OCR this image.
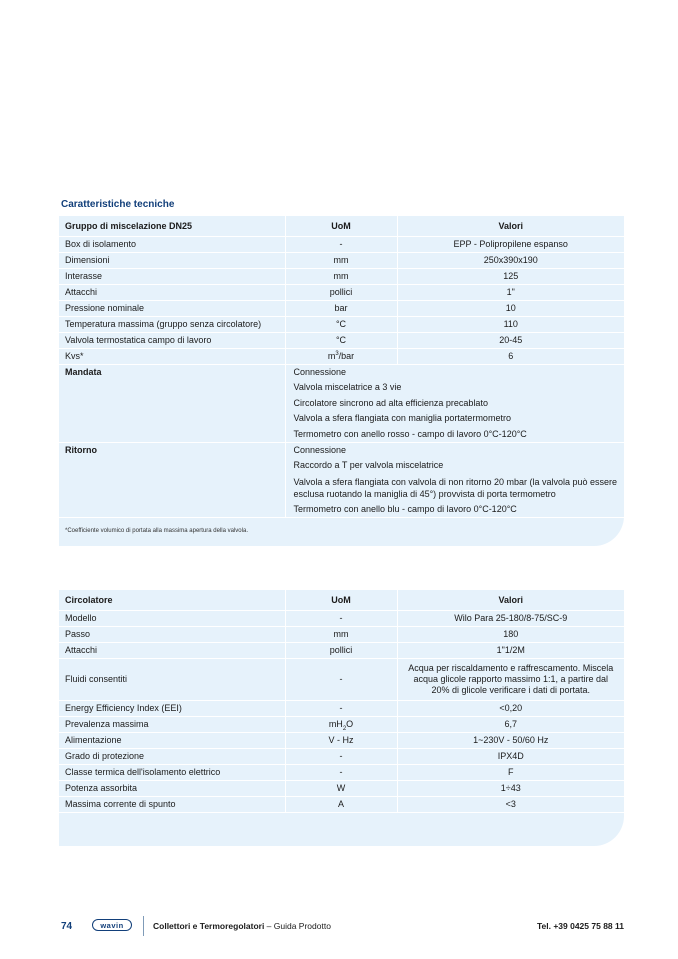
Caratteristiche tecniche
Gruppo di miscelazione DN25	UoM	Valori
Box di isolamento	-	EPP - Polipropilene espanso
Dimensioni	mm	250x390x190
Interasse	mm	125
Attacchi	pollici	1"
Pressione nominale	bar	10
Temperatura massima (gruppo senza circolatore)	°C	110
Valvola termostatica campo di lavoro	°C	20-45
Kvs*	$m^3$/bar	6
Mandata	Connessione
Valvola miscelatrice a 3 vie
Circolatore sincrono ad alta efficienza precablato
Valvola a sfera flangiata con maniglia portatermometro
Termometro con anello rosso - campo di lavoro 0°C-120°C	

Ritorno	Connessione
Raccordo a T per valvola miscelatrice
Valvola a sfera flangiata con valvola di non ritorno 20 mbar (la valvola può essere esclusa ruotando la maniglia di 45°) provvista di porta termometro
Termometro con anello blu - campo di lavoro 0°C-120°C	
*Coefficiente volumico di portata alla massima apertura della valvola.
Circolatore	UoM	Valori
Modello	-	Wilo Para 25-180/8-75/SC-9
Passo	mm	180
Attacchi	pollici	1"1/2M
Fluidi consentiti	-	Acqua per riscaldamento e raffrescamento. Miscela acqua glicole rapporto massimo 1:1, a partire dal 20% di glicole verificare i dati di portata.
Energy Efficiency Index (EEI)	-	<0,20
Prevalenza massima	$mH_2O$	6,7
Alimentazione	V - Hz	1~230V - 50/60 Hz
Grado di protezione	-	IPX4D
Classe termica dell'isolamento elettrico	-	F
Potenza assorbita	W	1÷43
Massima corrente di spunto	A	<3
74	wavin	Collettori e Termoregolatori – Guida Prodotto	Tel. +39 0425 75 88 11
